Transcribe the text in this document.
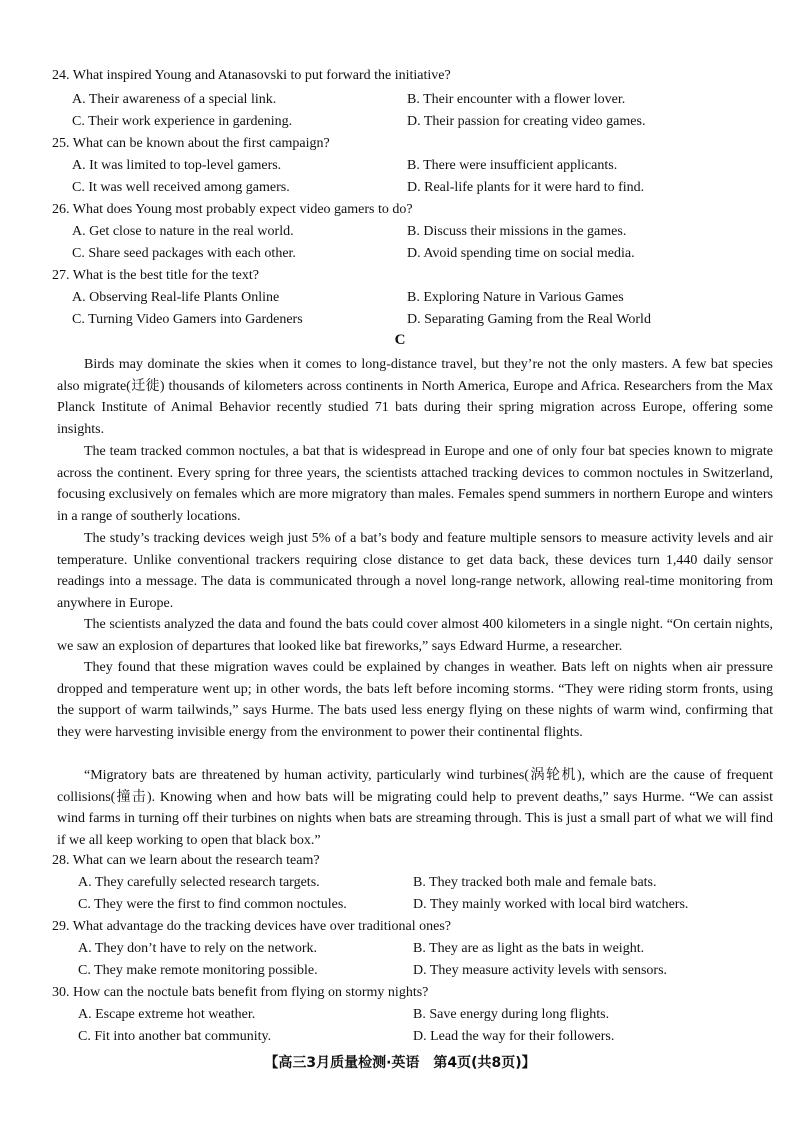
24. What inspired Young and Atanasovski to put forward the initiative?
A. Their awareness of a special link.	B. Their encounter with a flower lover.
C. Their work experience in gardening.	D. Their passion for creating video games.
25. What can be known about the first campaign?
A. It was limited to top-level gamers.	B. There were insufficient applicants.
C. It was well received among gamers.	D. Real-life plants for it were hard to find.
26. What does Young most probably expect video gamers to do?
A. Get close to nature in the real world.	B. Discuss their missions in the games.
C. Share seed packages with each other.	D. Avoid spending time on social media.
27. What is the best title for the text?
A. Observing Real-life Plants Online	B. Exploring Nature in Various Games
C. Turning Video Gamers into Gardeners	D. Separating Gaming from the Real World
C
Birds may dominate the skies when it comes to long-distance travel, but they’re not the only masters. A few bat species also migrate(迁徙) thousands of kilometers across continents in North America, Europe and Africa. Researchers from the Max Planck Institute of Animal Behavior recently studied 71 bats during their spring migration across Europe, offering some insights.
The team tracked common noctules, a bat that is widespread in Europe and one of only four bat species known to migrate across the continent. Every spring for three years, the scientists attached tracking devices to common noctules in Switzerland, focusing exclusively on females which are more migratory than males. Females spend summers in northern Europe and winters in a range of southerly locations.
The study’s tracking devices weigh just 5% of a bat’s body and feature multiple sensors to measure activity levels and air temperature. Unlike conventional trackers requiring close distance to get data back, these devices turn 1,440 daily sensor readings into a message. The data is communicated through a novel long-range network, allowing real-time monitoring from anywhere in Europe.
The scientists analyzed the data and found the bats could cover almost 400 kilometers in a single night. “On certain nights, we saw an explosion of departures that looked like bat fireworks,” says Edward Hurme, a researcher.
They found that these migration waves could be explained by changes in weather. Bats left on nights when air pressure dropped and temperature went up; in other words, the bats left before incoming storms. “They were riding storm fronts, using the support of warm tailwinds,” says Hurme. The bats used less energy flying on these nights of warm wind, confirming that they were harvesting invisible energy from the environment to power their continental flights.
“Migratory bats are threatened by human activity, particularly wind turbines(涡轮机), which are the cause of frequent collisions(撞击). Knowing when and how bats will be migrating could help to prevent deaths,” says Hurme. “We can assist wind farms in turning off their turbines on nights when bats are streaming through. This is just a small part of what we will find if we all keep working to open that black box.”
28. What can we learn about the research team?
A. They carefully selected research targets.	B. They tracked both male and female bats.
C. They were the first to find common noctules.	D. They mainly worked with local bird watchers.
29. What advantage do the tracking devices have over traditional ones?
A. They don’t have to rely on the network.	B. They are as light as the bats in weight.
C. They make remote monitoring possible.	D. They measure activity levels with sensors.
30. How can the noctule bats benefit from flying on stormy nights?
A. Escape extreme hot weather.	B. Save energy during long flights.
C. Fit into another bat community.	D. Lead the way for their followers.
【高三3月质量检测·英语　第4页(共8页)】
